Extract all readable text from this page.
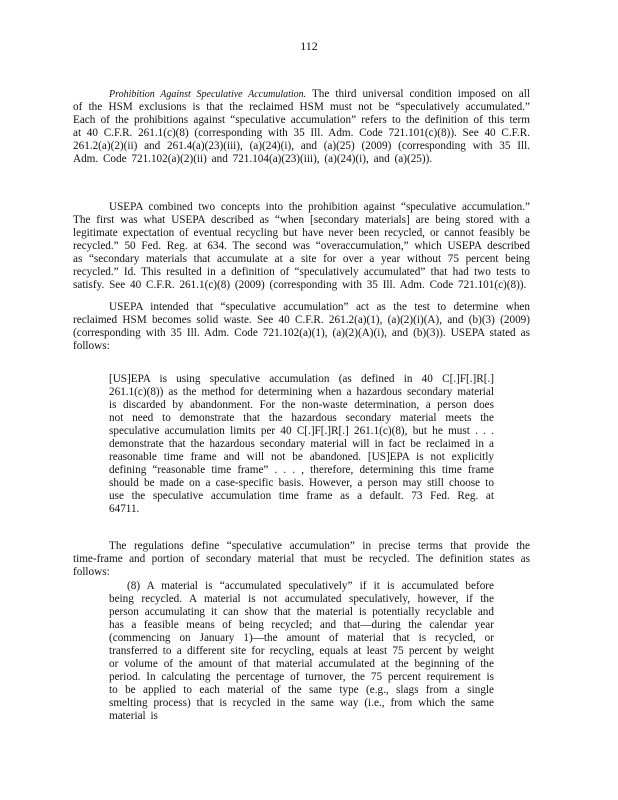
112

Prohibition Against Speculative Accumulation. The third universal condition imposed on all of the HSM exclusions is that the reclaimed HSM must not be “speculatively accumulated.” Each of the prohibitions against “speculative accumulation” refers to the definition of this term at 40 C.F.R. 261.1(c)(8) (corresponding with 35 Ill. Adm. Code 721.101(c)(8)). See 40 C.F.R. 261.2(a)(2)(ii) and 261.4(a)(23)(iii), (a)(24)(i), and (a)(25) (2009) (corresponding with 35 Ill. Adm. Code 721.102(a)(2)(ii) and 721.104(a)(23)(iii), (a)(24)(i), and (a)(25)).

USEPA combined two concepts into the prohibition against “speculative accumulation.” The first was what USEPA described as “when [secondary materials] are being stored with a legitimate expectation of eventual recycling but have never been recycled, or cannot feasibly be recycled.” 50 Fed. Reg. at 634. The second was “overaccumulation,” which USEPA described as “secondary materials that accumulate at a site for over a year without 75 percent being recycled.” Id. This resulted in a definition of “speculatively accumulated” that had two tests to satisfy. See 40 C.F.R. 261.1(c)(8) (2009) (corresponding with 35 Ill. Adm. Code 721.101(c)(8)).

USEPA intended that “speculative accumulation” act as the test to determine when reclaimed HSM becomes solid waste. See 40 C.F.R. 261.2(a)(1), (a)(2)(i)(A), and (b)(3) (2009) (corresponding with 35 Ill. Adm. Code 721.102(a)(1), (a)(2)(A)(i), and (b)(3)). USEPA stated as follows:

[US]EPA is using speculative accumulation (as defined in 40 C[.]F[.]R[.] 261.1(c)(8)) as the method for determining when a hazardous secondary material is discarded by abandonment. For the non-waste determination, a person does not need to demonstrate that the hazardous secondary material meets the speculative accumulation limits per 40 C[.]F[.]R[.] 261.1(c)(8), but he must . . . demonstrate that the hazardous secondary material will in fact be reclaimed in a reasonable time frame and will not be abandoned. [US]EPA is not explicitly defining “reasonable time frame” . . . , therefore, determining this time frame should be made on a case-specific basis. However, a person may still choose to use the speculative accumulation time frame as a default. 73 Fed. Reg. at 64711.

The regulations define “speculative accumulation” in precise terms that provide the time-frame and portion of secondary material that must be recycled. The definition states as follows:

(8) A material is “accumulated speculatively” if it is accumulated before being recycled. A material is not accumulated speculatively, however, if the person accumulating it can show that the material is potentially recyclable and has a feasible means of being recycled; and that—during the calendar year (commencing on January 1)—the amount of material that is recycled, or transferred to a different site for recycling, equals at least 75 percent by weight or volume of the amount of that material accumulated at the beginning of the period. In calculating the percentage of turnover, the 75 percent requirement is to be applied to each material of the same type (e.g., slags from a single smelting process) that is recycled in the same way (i.e., from which the same material is
